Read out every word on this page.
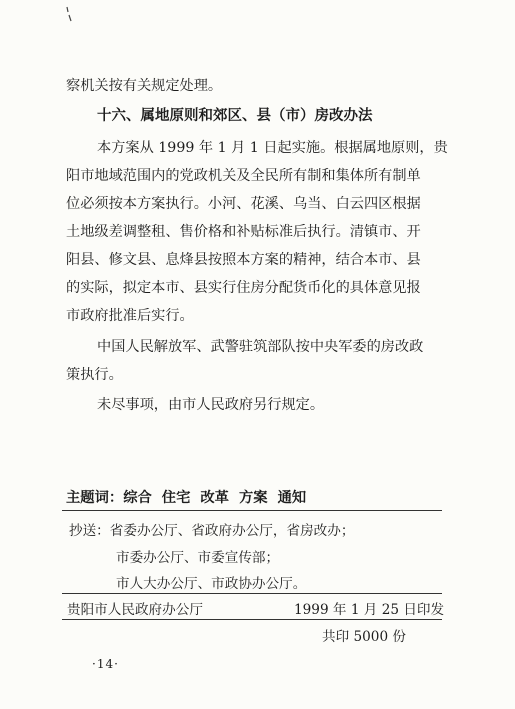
察机关按有关规定处理。
十六、属地原则和郊区、县（市）房改办法
本方案从 1999 年 1 月 1 日起实施。根据属地原则，贵
阳市地域范围内的党政机关及全民所有制和集体所有制单
位必须按本方案执行。小河、花溪、乌当、白云四区根据
土地级差调整租、售价格和补贴标准后执行。清镇市、开
阳县、修文县、息烽县按照本方案的精神，结合本市、县
的实际，拟定本市、县实行住房分配货币化的具体意见报
市政府批准后实行。
中国人民解放军、武警驻筑部队按中央军委的房改政
策执行。
未尽事项，由市人民政府另行规定。
主题词：综合 住宅 改革 方案 通知
抄送：省委办公厅、省政府办公厅，省房改办；
市委办公厅、市委宣传部；
市人大办公厅、市政协办公厅。
贵阳市人民政府办公厅	1999 年 1 月 25 日印发
共印 5000 份
·14·
